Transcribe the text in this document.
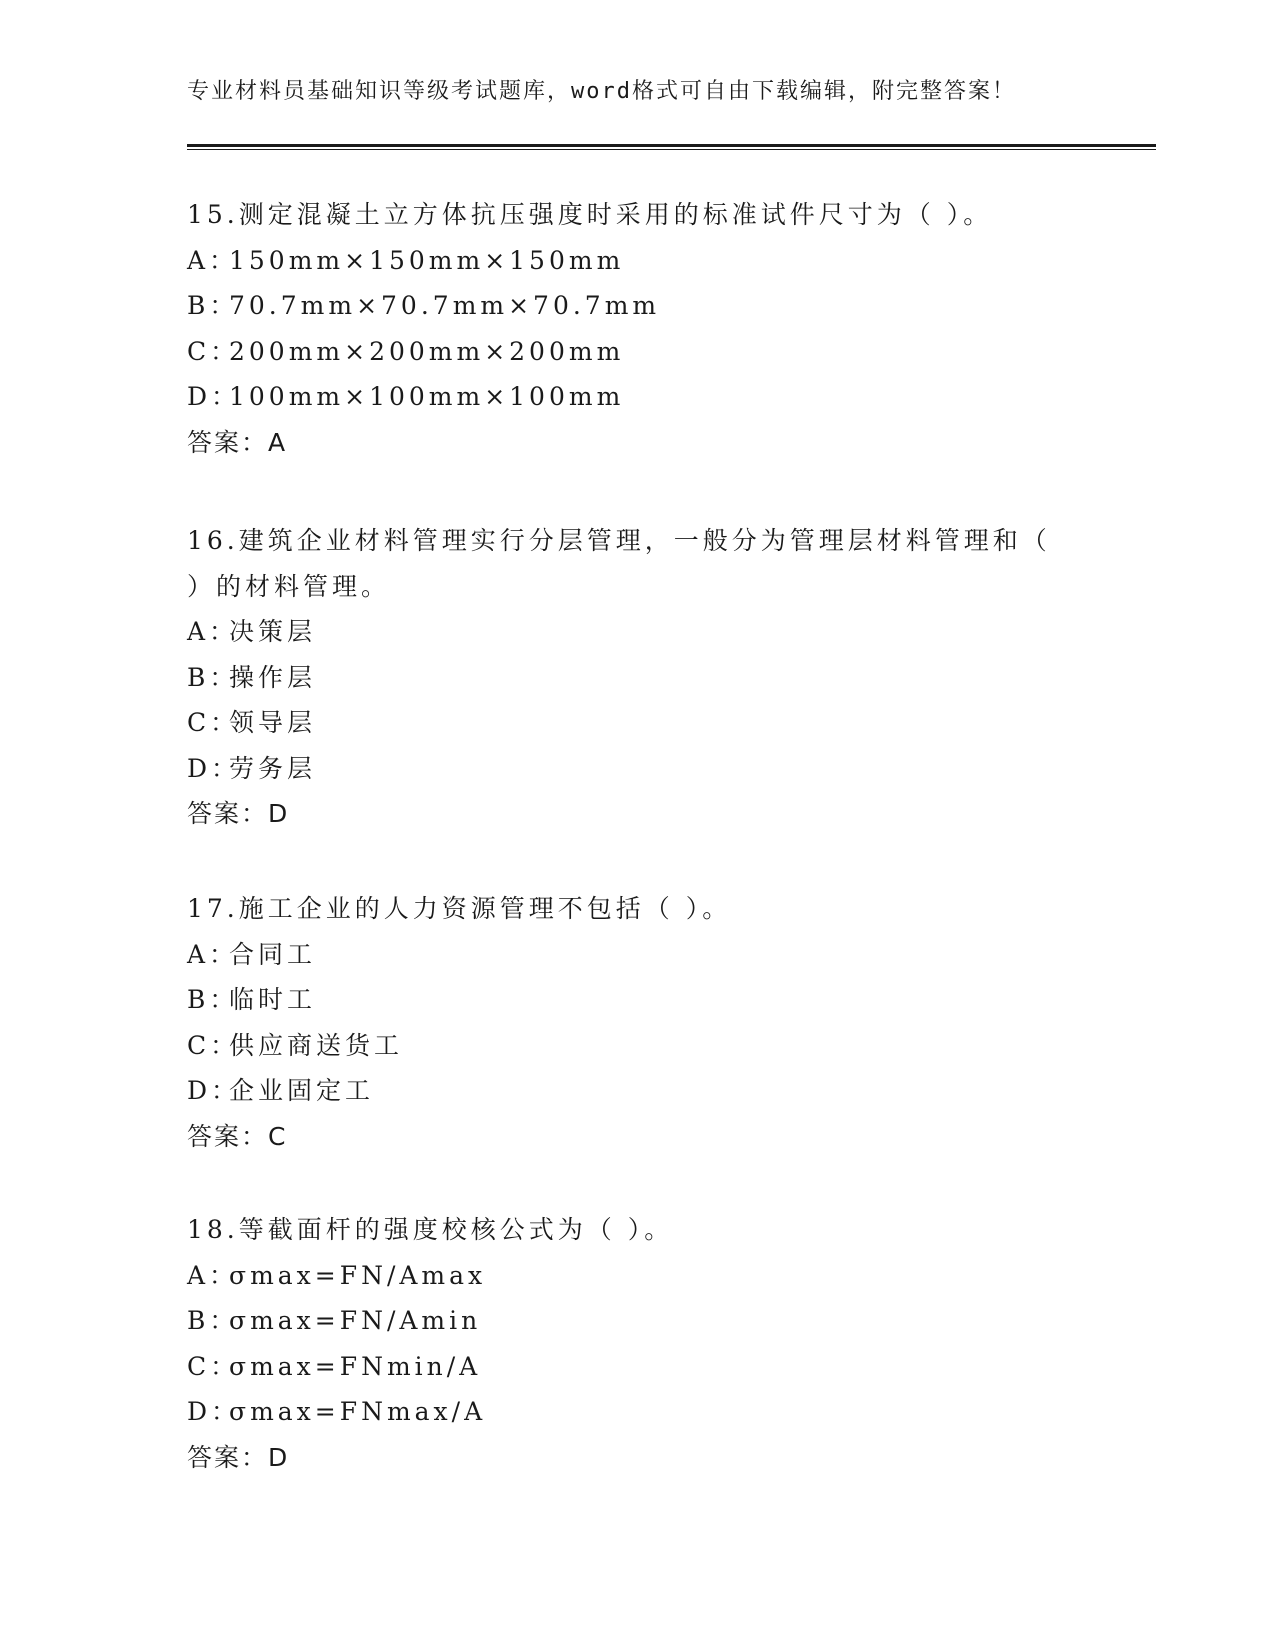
专业材料员基础知识等级考试题库，word格式可自由下载编辑，附完整答案！
15.测定混凝土立方体抗压强度时采用的标准试件尺寸为（ ）。
A：150mm×150mm×150mm
B：70.7mm×70.7mm×70.7mm
C：200mm×200mm×200mm
D：100mm×100mm×100mm
答案：A
16.建筑企业材料管理实行分层管理，一般分为管理层材料管理和（
）的材料管理。
A：决策层
B：操作层
C：领导层
D：劳务层
答案：D
17.施工企业的人力资源管理不包括（ ）。
A：合同工
B：临时工
C：供应商送货工
D：企业固定工
答案：C
18.等截面杆的强度校核公式为（ ）。
A：σmax=FN/Amax
B：σmax=FN/Amin
C：σmax=FNmin/A
D：σmax=FNmax/A
答案：D
